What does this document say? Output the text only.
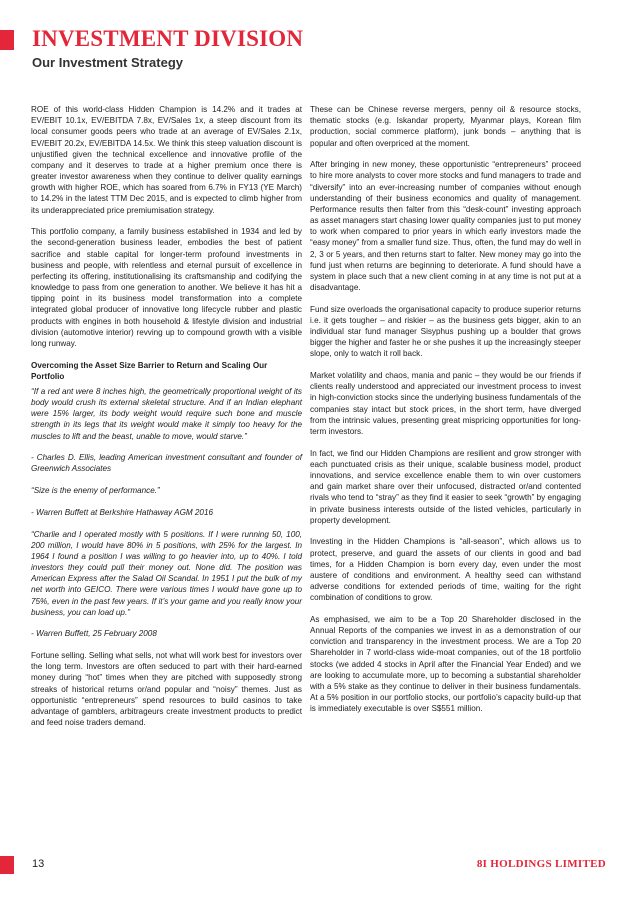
INVESTMENT DIVISION
Our Investment Strategy

ROE of this world-class Hidden Champion is 14.2% and it trades at EV/EBIT 10.1x, EV/EBITDA 7.8x, EV/Sales 1x, a steep discount from its local consumer goods peers who trade at an average of EV/Sales 2.1x, EV/EBIT 20.2x, EV/EBITDA 14.5x. We think this steep valuation discount is unjustified given the technical excellence and innovative profile of the company and it deserves to trade at a higher premium once there is greater investor awareness when they continue to deliver quality earnings growth with higher ROE, which has soared from 6.7% in FY13 (YE March) to 14.2% in the latest TTM Dec 2015, and is expected to climb higher from its underappreciated price premiumisation strategy.

This portfolio company, a family business established in 1934 and led by the second-generation business leader, embodies the best of patient sacrifice and stable capital for longer-term profound investments in business and people, with relentless and eternal pursuit of excellence in perfecting its offering, institutionalising its craftsmanship and codifying the knowledge to pass from one generation to another. We believe it has hit a tipping point in its business model transformation into a complete integrated global producer of innovative long lifecycle rubber and plastic products with engines in both household & lifestyle division and industrial division (automotive interior) revving up to compound growth with a visible long runway.

Overcoming the Asset Size Barrier to Return and Scaling Our Portfolio

“If a red ant were 8 inches high, the geometrically proportional weight of its body would crush its external skeletal structure. And if an Indian elephant were 15% larger, its body weight would require such bone and muscle strength in its legs that its weight would make it simply too heavy for the muscles to lift and the beast, unable to move, would starve.”

- Charles D. Ellis, leading American investment consultant and founder of Greenwich Associates

“Size is the enemy of performance.”

- Warren Buffett at Berkshire Hathaway AGM 2016

“Charlie and I operated mostly with 5 positions. If I were running 50, 100, 200 million, I would have 80% in 5 positions, with 25% for the largest. In 1964 I found a position I was willing to go heavier into, up to 40%. I told investors they could pull their money out. None did. The position was American Express after the Salad Oil Scandal. In 1951 I put the bulk of my net worth into GEICO. There were various times I would have gone up to 75%, even in the past few years. If it’s your game and you really know your business, you can load up.”

- Warren Buffett, 25 February 2008

Fortune selling. Selling what sells, not what will work best for investors over the long term. Investors are often seduced to part with their hard-earned money during “hot” times when they are pitched with supposedly strong streaks of historical returns or/and popular and “noisy” themes. Just as opportunistic “entrepreneurs” spend resources to build casinos to take advantage of gamblers, arbitrageurs create investment products to predict and feed noise traders demand.

These can be Chinese reverse mergers, penny oil & resource stocks, thematic stocks (e.g. Iskandar property, Myanmar plays, Korean film production, social commerce platform), junk bonds – anything that is popular and often overpriced at the moment.

After bringing in new money, these opportunistic “entrepreneurs” proceed to hire more analysts to cover more stocks and fund managers to trade and “diversify” into an ever-increasing number of companies without enough understanding of their business economics and quality of management. Performance results then falter from this “desk-count” investing approach as asset managers start chasing lower quality companies just to put money to work when compared to prior years in which early investors made the “easy money” from a smaller fund size. Thus, often, the fund may do well in 2, 3 or 5 years, and then returns start to falter. New money may go into the fund just when returns are beginning to deteriorate. A fund should have a system in place such that a new client coming in at any time is not put at a disadvantage.

Fund size overloads the organisational capacity to produce superior returns i.e. it gets tougher – and riskier – as the business gets bigger, akin to an individual star fund manager Sisyphus pushing up a boulder that grows bigger the higher and faster he or she pushes it up the increasingly steeper slope, only to watch it roll back.

Market volatility and chaos, mania and panic – they would be our friends if clients really understood and appreciated our investment process to invest in high-conviction stocks since the underlying business fundamentals of the companies stay intact but stock prices, in the short term, have diverged from the intrinsic values, presenting great mispricing opportunities for long-term investors.

In fact, we find our Hidden Champions are resilient and grow stronger with each punctuated crisis as their unique, scalable business model, product innovations, and service excellence enable them to win over customers and gain market share over their unfocused, distracted or/and contented rivals who tend to “stray” as they find it easier to seek “growth” by engaging in private business interests outside of the listed vehicles, particularly in property development.

Investing in the Hidden Champions is “all-season”, which allows us to protect, preserve, and guard the assets of our clients in good and bad times, for a Hidden Champion is born every day, even under the most austere of conditions and environment. A healthy seed can withstand adverse conditions for extended periods of time, waiting for the right combination of conditions to grow.

As emphasised, we aim to be a Top 20 Shareholder disclosed in the Annual Reports of the companies we invest in as a demonstration of our conviction and transparency in the investment process. We are a Top 20 Shareholder in 7 world-class wide-moat companies, out of the 18 portfolio stocks (we added 4 stocks in April after the Financial Year Ended) and we are looking to accumulate more, up to becoming a substantial shareholder with a 5% stake as they continue to deliver in their business fundamentals. At a 5% position in our portfolio stocks, our portfolio’s capacity build-up that is immediately executable is over S$551 million.

13	8I HOLDINGS LIMITED
